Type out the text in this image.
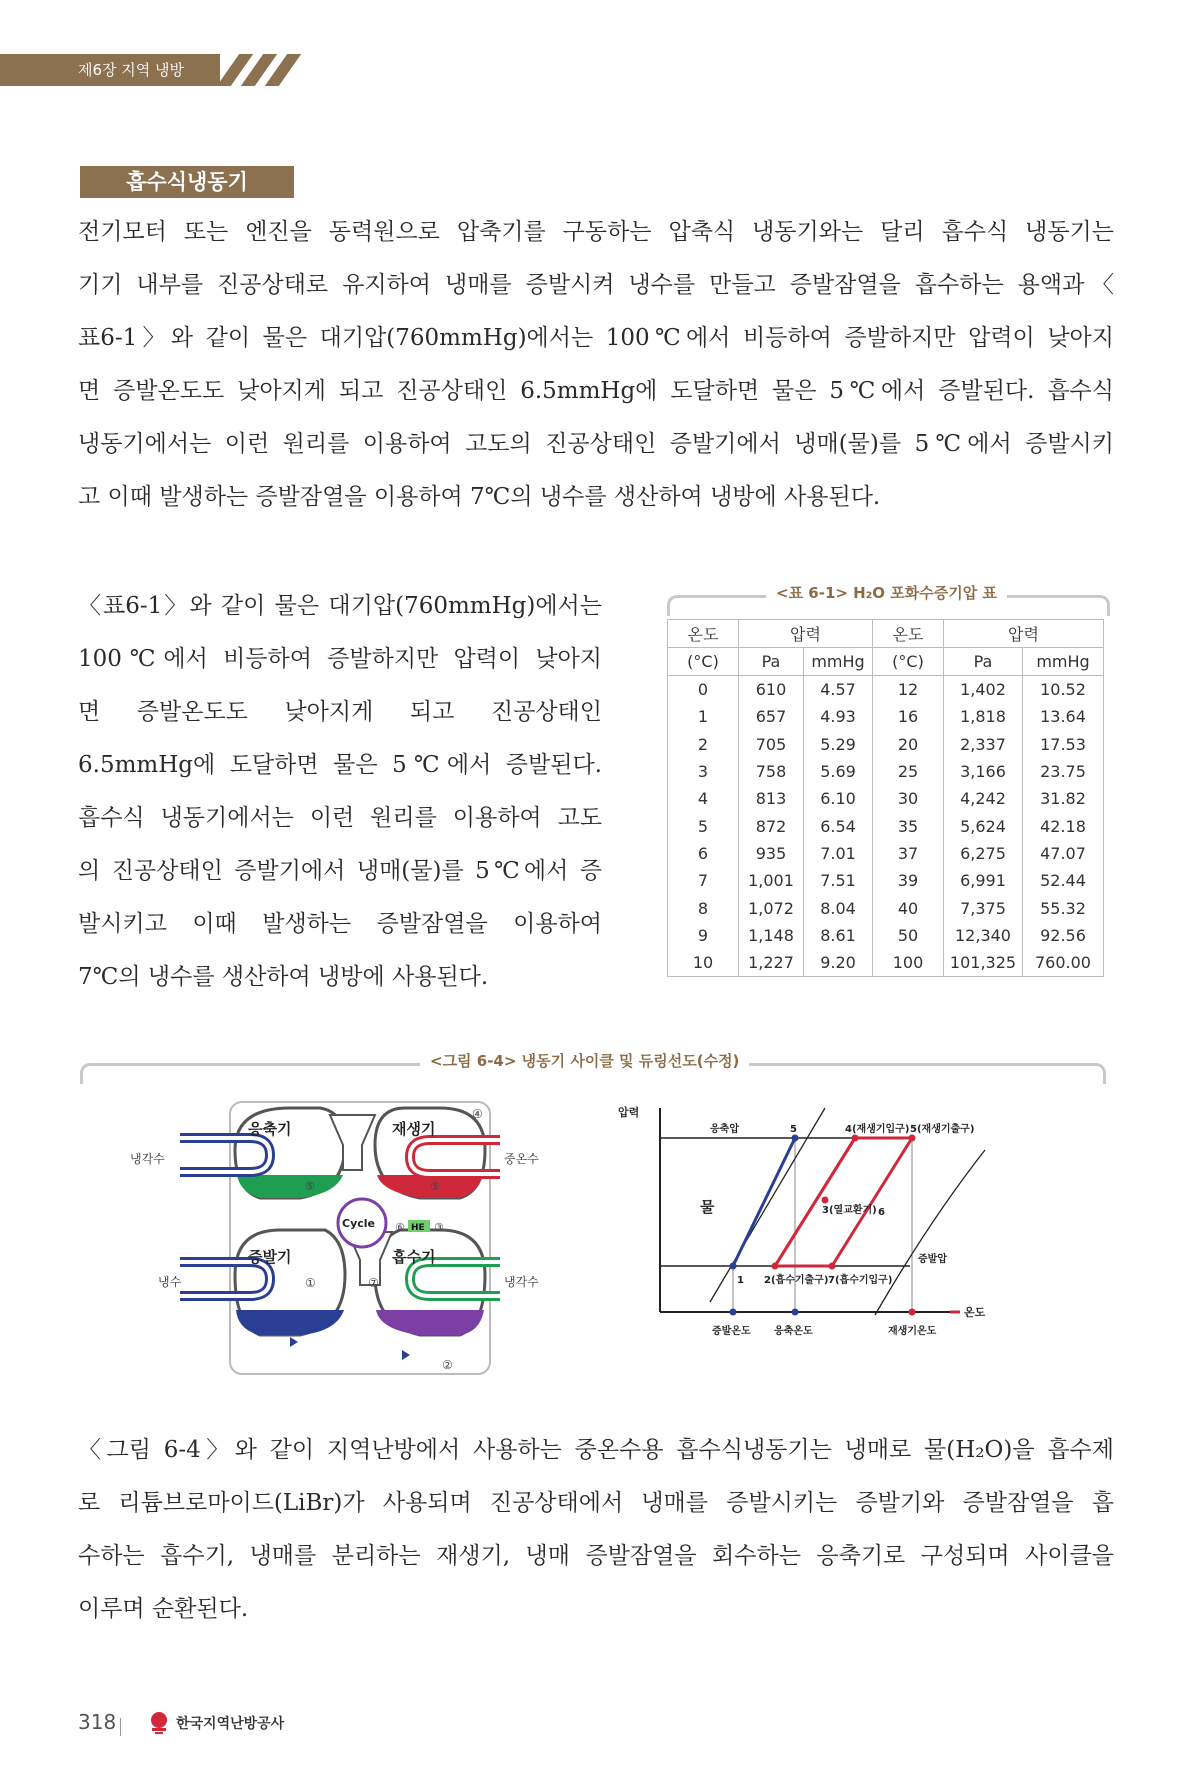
제6장 지역 냉방
흡수식냉동기

전기모터 또는 엔진을 동력원으로 압축기를 구동하는 압축식 냉동기와는 달리 흡수식 냉동기는

기기 내부를 진공상태로 유지하여 냉매를 증발시켜 냉수를 만들고 증발잠열을 흡수하는 용액과〈

표6-1〉와 같이 물은 대기압(760mmHg)에서는 100℃에서 비등하여 증발하지만 압력이 낮아지

면 증발온도도 낮아지게 되고 진공상태인 6.5mmHg에 도달하면 물은 5℃에서 증발된다. 흡수식

냉동기에서는 이런 원리를 이용하여 고도의 진공상태인 증발기에서 냉매(물)를 5℃에서 증발시키

고 이때 발생하는 증발잠열을 이용하여 7℃의 냉수를 생산하여 냉방에 사용된다.

〈표6-1〉와 같이 물은 대기압(760mmHg)에서는

100℃에서 비등하여 증발하지만 압력이 낮아지

면 증발온도도 낮아지게 되고 진공상태인

6.5mmHg에 도달하면 물은 5℃에서 증발된다.

흡수식 냉동기에서는 이런 원리를 이용하여 고도

의 진공상태인 증발기에서 냉매(물)를 5℃에서 증

발시키고 이때 발생하는 증발잠열을 이용하여

7℃의 냉수를 생산하여 냉방에 사용된다.

<표 6-1> H₂O 포화수증기압 표
온도	압력		온도	압력	
(°C)	Pa	mmHg	(°C)	Pa	mmHg
0	610	4.57	12	1,402	10.52
1	657	4.93	16	1,818	13.64
2	705	5.29	20	2,337	17.53
3	758	5.69	25	3,166	23.75
4	813	6.10	30	4,242	31.82
5	872	6.54	35	5,624	42.18
6	935	7.01	37	6,275	47.07
7	1,001	7.51	39	6,991	52.44
8	1,072	8.04	40	7,375	55.32
9	1,148	8.61	50	12,340	92.56
10	1,227	9.20	100	101,325	760.00
<그림 6-4> 냉동기 사이클 및 듀링선도(수정)
응축기	재생기
증발기	흡수기
Cycle	HE
냉각수	중온수
냉수	냉각수
④
⑤	⑤
⑥	③
①	⑦
②
압력
온도
응축압
증발압
물
증발온도 응축온도	재생기온도
1 2(흡수기출구)
3(열교환기)
4(재생기입구)
5	5(재생기출구)
6
7(흡수기입구)

〈그림 6-4〉와 같이 지역난방에서 사용하는 중온수용 흡수식냉동기는 냉매로 물(H₂O)을 흡수제

로 리튬브로마이드(LiBr)가 사용되며 진공상태에서 냉매를 증발시키는 증발기와 증발잠열을 흡

수하는 흡수기, 냉매를 분리하는 재생기, 냉매 증발잠열을 회수하는 응축기로 구성되며 사이클을

이루며 순환된다.

318	한국지역난방공사
